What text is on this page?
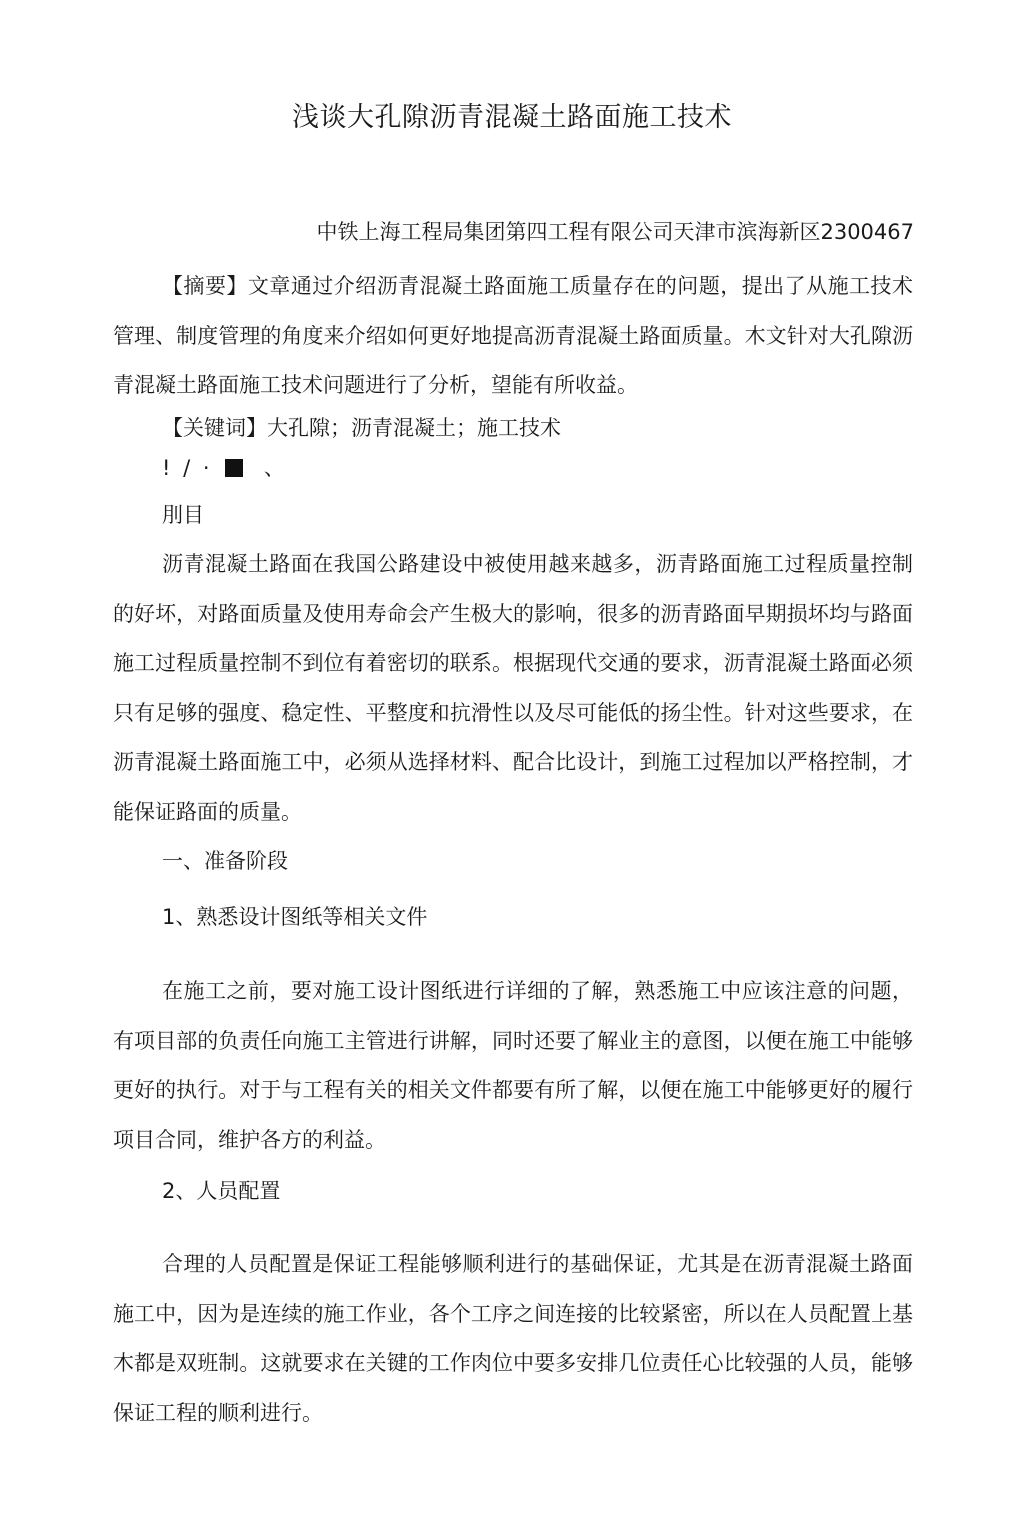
浅谈大孔隙沥青混凝土路面施工技术
中铁上海工程局集团第四工程有限公司天津市滨海新区2300467

【摘要】文章通过介绍沥青混凝土路面施工质量存在的问题，提出了从施工技术管理、制度管理的角度来介绍如何更好地提高沥青混凝土路面质量。木文针对大孔隙沥青混凝土路面施工技术问题进行了分析，望能有所收益。

【关键词】大孔隙；沥青混凝土；施工技术
! / · 、
刖目

沥青混凝土路面在我国公路建设中被使用越来越多，沥青路面施工过程质量控制的好坏，对路面质量及使用寿命会产生极大的影响，很多的沥青路面早期损坏均与路面施工过程质量控制不到位有着密切的联系。根据现代交通的要求，沥青混凝土路面必须只有足够的强度、稳定性、平整度和抗滑性以及尽可能低的扬尘性。针对这些要求，在沥青混凝土路面施工中，必须从选择材料、配合比设计，到施工过程加以严格控制，才能保证路面的质量。

一、准备阶段
1、熟悉设计图纸等相关文件

在施工之前，要对施工设计图纸进行详细的了解，熟悉施工中应该注意的问题，有项目部的负责任向施工主管进行讲解，同时还要了解业主的意图，以便在施工中能够更好的执行。对于与工程有关的相关文件都要有所了解，以便在施工中能够更好的履行项目合同，维护各方的利益。

2、人员配置

合理的人员配置是保证工程能够顺利进行的基础保证，尤其是在沥青混凝土路面施工中，因为是连续的施工作业，各个工序之间连接的比较紧密，所以在人员配置上基木都是双班制。这就要求在关键的工作肉位中要多安排几位责任心比较强的人员，能够保证工程的顺利进行。
